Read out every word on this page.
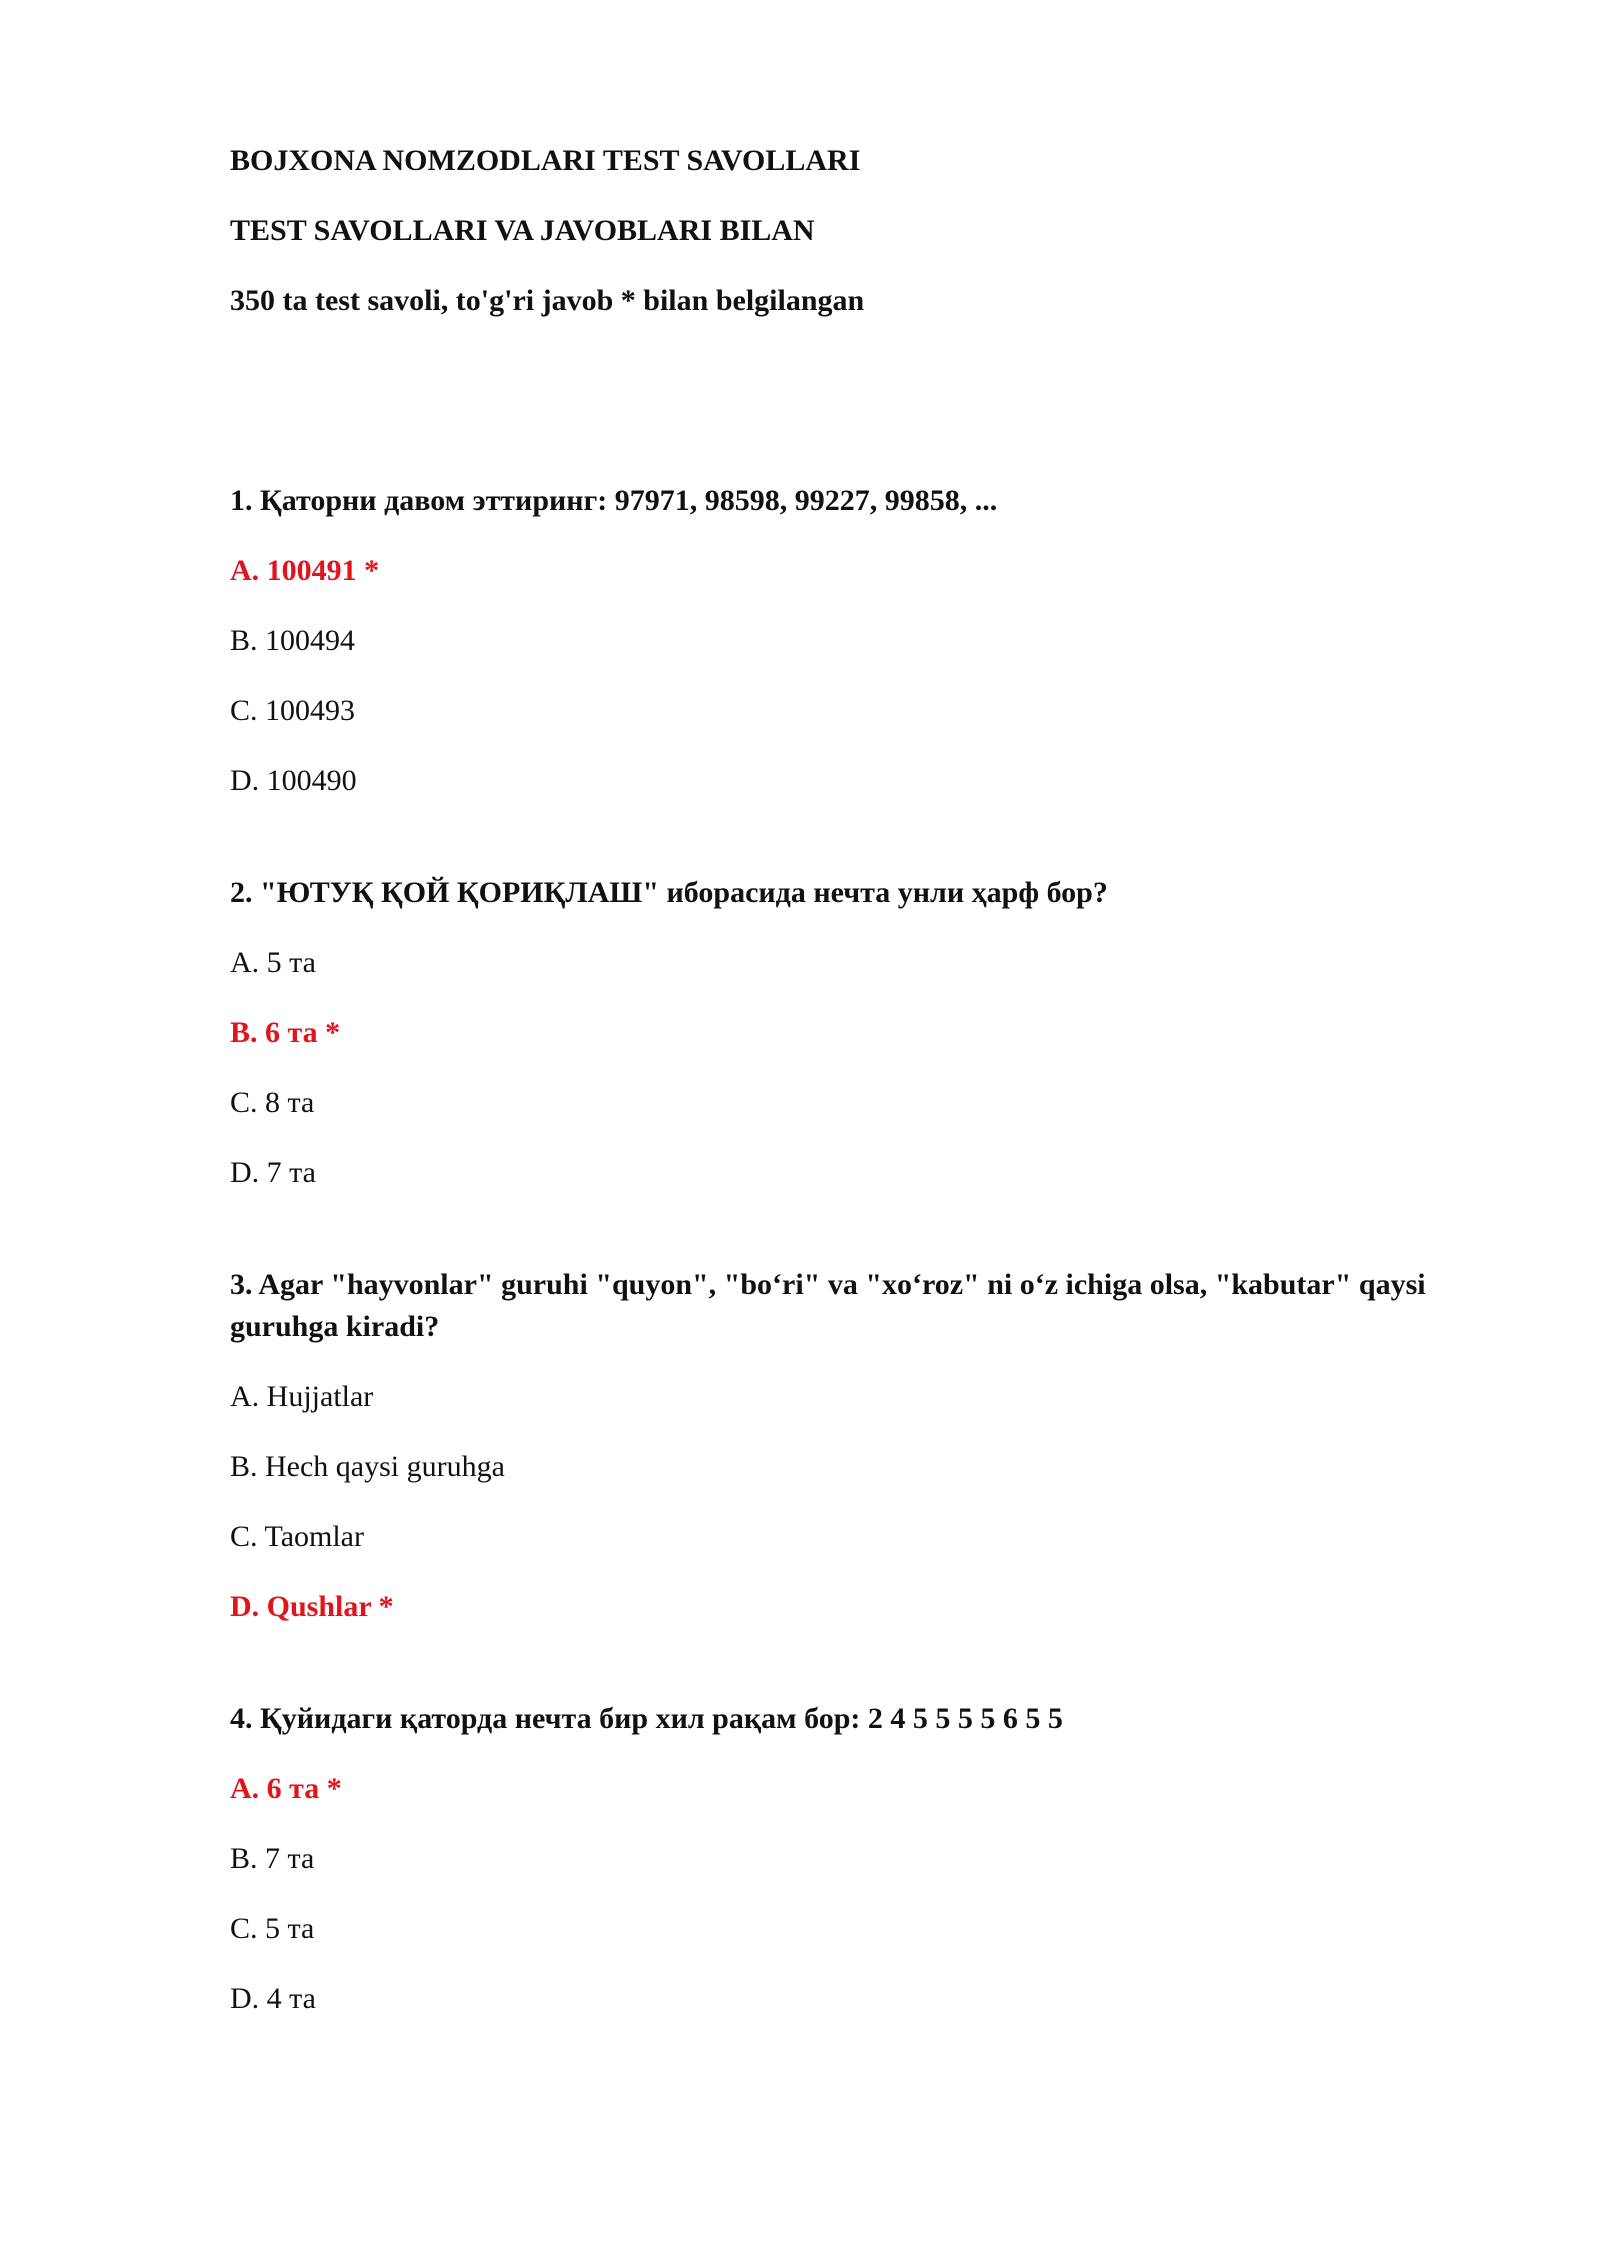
BOJXONA NOMZODLARI TEST SAVOLLARI
TEST SAVOLLARI VA JAVOBLARI BILAN
350 ta test savoli, to'g'ri javob * bilan belgilangan
1. Қаторни давом эттиринг: 97971, 98598, 99227, 99858, ...
A. 100491 *
B. 100494
C. 100493
D. 100490
2. "ЮТУҚ ҚОЙ ҚОРИҚЛАШ" иборасида нечта унли ҳарф бор?
A. 5 та
B. 6 та *
C. 8 та
D. 7 та
3. Agar "hayvonlar" guruhi "quyon", "bo‘ri" va "xo‘roz" ni o‘z ichiga olsa, "kabutar" qaysi guruhga kiradi?
A. Hujjatlar
B. Hech qaysi guruhga
C. Taomlar
D. Qushlar *
4. Қуйидаги қаторда нечта бир хил рақам бор: 2 4 5 5 5 5 6 5 5
A. 6 та *
B. 7 та
C. 5 та
D. 4 та
